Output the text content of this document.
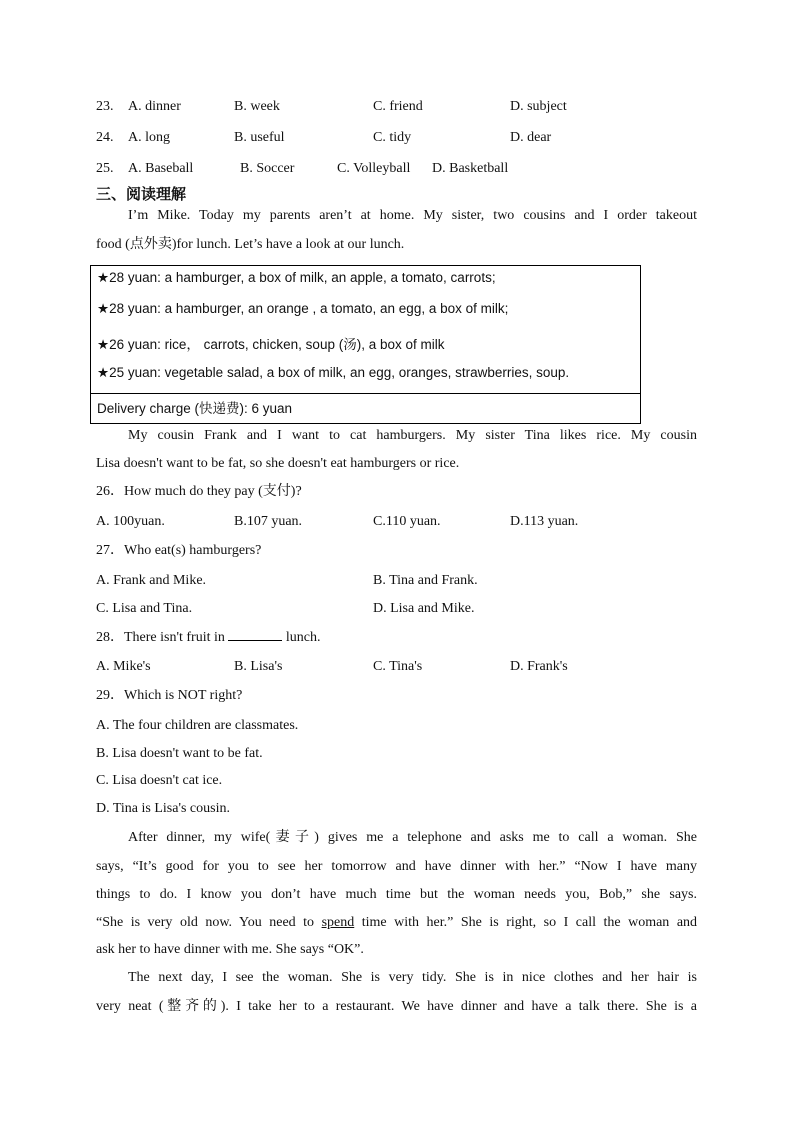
23. A. dinner	B. week	C. friend	D. subject
24. A. long	B. useful	C. tidy	D. dear
25. A. Baseball	B. Soccer	C. Volleyball D. Basketball
三、阅读理解
I’m Mike. Today my parents aren’t at home. My sister, two cousins and I order takeout
food (点外卖)for lunch. Let’s have a look at our lunch.
★28 yuan: a hamburger, a box of milk, an apple, a tomato, carrots;
★28 yuan: a hamburger, an orange , a tomato, an egg, a box of milk;
★26 yuan: rice， carrots, chicken, soup (汤), a box of milk
★25 yuan: vegetable salad, a box of milk, an egg, oranges, strawberries, soup.
Delivery charge (快递费): 6 yuan
My cousin Frank and I want to cat hamburgers. My sister Tina likes rice. My cousin
Lisa doesn't want to be fat, so she doesn't eat hamburgers or rice.
26．How much do they pay (支付)?
A. 100yuan.	B.107 yuan.	C.110 yuan.	D.113 yuan.
27．Who eat(s) hamburgers?
A. Frank and Mike.	B. Tina and Frank.
C. Lisa and Tina.	D. Lisa and Mike.
28．There isn't fruit in	lunch.
A. Mike's	B. Lisa's	C. Tina's	D. Frank's
29．Which is NOT right?
A. The four children are classmates.
B. Lisa doesn't want to be fat.
C. Lisa doesn't cat ice.
D. Tina is Lisa's cousin.
After dinner, my wife(妻子) gives me a telephone and asks me to call a woman. She
says, “It’s good for you to see her tomorrow and have dinner with her.” “Now I have many
things to do. I know you don’t have much time but the woman needs you, Bob,” she says.
“She is very old now. You need to spend time with her.” She is right, so I call the woman and
ask her to have dinner with me. She says “OK”.
The next day, I see the woman. She is very tidy. She is in nice clothes and her hair is
very neat (整齐的). I take her to a restaurant. We have dinner and have a talk there. She is a
